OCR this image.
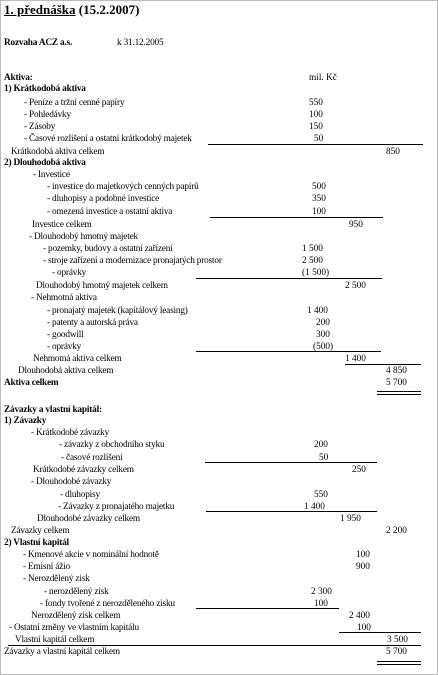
1. přednáška (15.2.2007)
Rozvaha ACZ a.s.	k 31.12.2005
Aktiva:	mil. Kč
1) Krátkodobá aktiva
- Peníze a tržní cenné papíry	550
- Pohledávky	100
- Zásoby	150
- Časové rozlišení a ostatní krátkodobý majetek	50
Krátkodobá aktiva celkem	850
2) Dlouhodobá aktiva
- Investice
- investice do majetkových cenných papírů	500
- dluhopisy a podobné investice	350
- omezená investice a ostatní aktiva	100
Investice celkem	950
- Dlouhodobý hmotný majetek
- pozemky, budovy a ostatní zařízení	1 500
- stroje zařízení a modernizace pronajatých prostor	2 500
- oprávky	(1 500)
Dlouhodobý hmotný majetek celkem	2 500
- Nehmotná aktiva
- pronajatý majetek (kapitálový leasing)	1 400
- patenty a autorská práva	200
- goodwill	300
- oprávky	(500)
Nehmotná aktiva celkem	1 400
Dlouhodobá aktiva celkem	4 850
Aktiva celkem	5 700
Závazky a vlastní kapitál:
1) Závazky
- Krátkodobé závazky
- závazky z obchodního styku	200
- časové rozlišení	50
Krátkodobé závazky celkem	250
- Dlouhodobé závazky
- dluhopisy	550
- Závazky z pronajatého majetku	1 400
Dlouhodobé závazky celkem	1 950
Závazky celkem	2 200
2) Vlastní kapitál
- Kmenové akcie v nominální hodnotě	100
- Emisní ážio	900
- Nerozdělený zisk
- nerozdělený zisk	2 300
- fondy tvořené z nerozděleného zisku	100
Nerozdělený zisk celkem	2 400
- Ostatní změny ve vlastním kapitálu	100
Vlastní kapitál celkem	3 500
Závazky a vlastní kapitál celkem	5 700
